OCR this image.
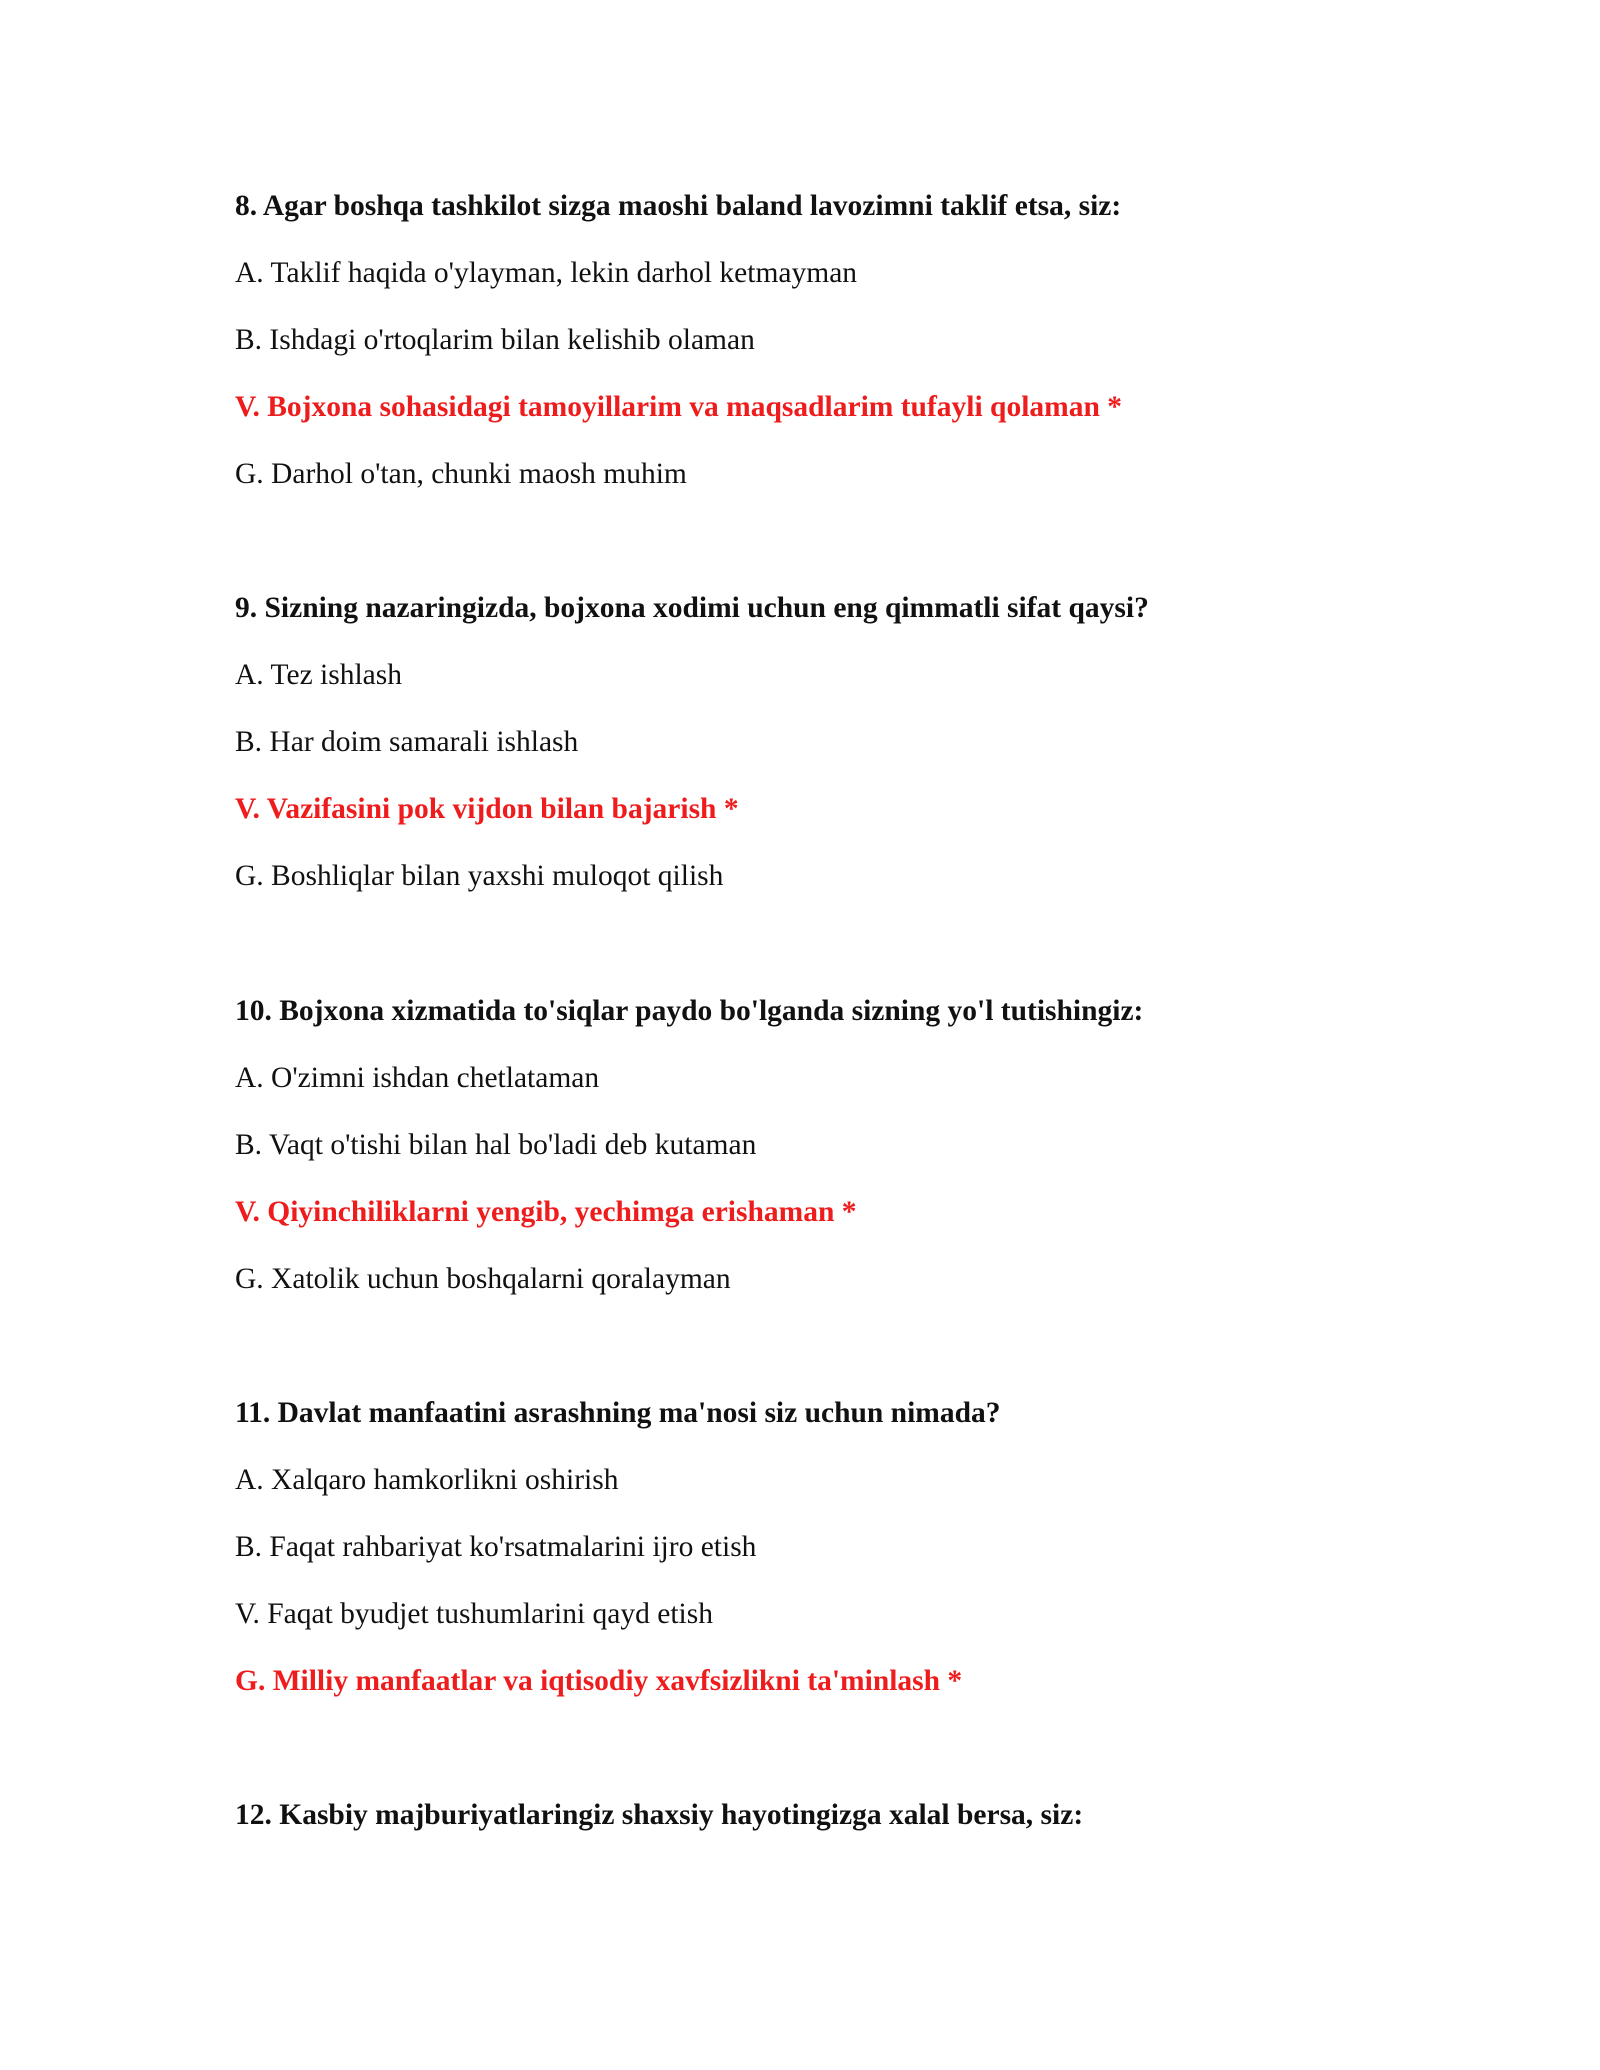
8. Agar boshqa tashkilot sizga maoshi baland lavozimni taklif etsa, siz:
A. Taklif haqida o'ylayman, lekin darhol ketmayman
B. Ishdagi o'rtoqlarim bilan kelishib olaman
V. Bojxona sohasidagi tamoyillarim va maqsadlarim tufayli qolaman *
G. Darhol o'tan, chunki maosh muhim
9. Sizning nazaringizda, bojxona xodimi uchun eng qimmatli sifat qaysi?
A. Tez ishlash
B. Har doim samarali ishlash
V. Vazifasini pok vijdon bilan bajarish *
G. Boshliqlar bilan yaxshi muloqot qilish
10. Bojxona xizmatida to'siqlar paydo bo'lganda sizning yo'l tutishingiz:
A. O'zimni ishdan chetlataman
B. Vaqt o'tishi bilan hal bo'ladi deb kutaman
V. Qiyinchiliklarni yengib, yechimga erishaman *
G. Xatolik uchun boshqalarni qoralayman
11. Davlat manfaatini asrashning ma'nosi siz uchun nimada?
A. Xalqaro hamkorlikni oshirish
B. Faqat rahbariyat ko'rsatmalarini ijro etish
V. Faqat byudjet tushumlarini qayd etish
G. Milliy manfaatlar va iqtisodiy xavfsizlikni ta'minlash *
12. Kasbiy majburiyatlaringiz shaxsiy hayotingizga xalal bersa, siz:
